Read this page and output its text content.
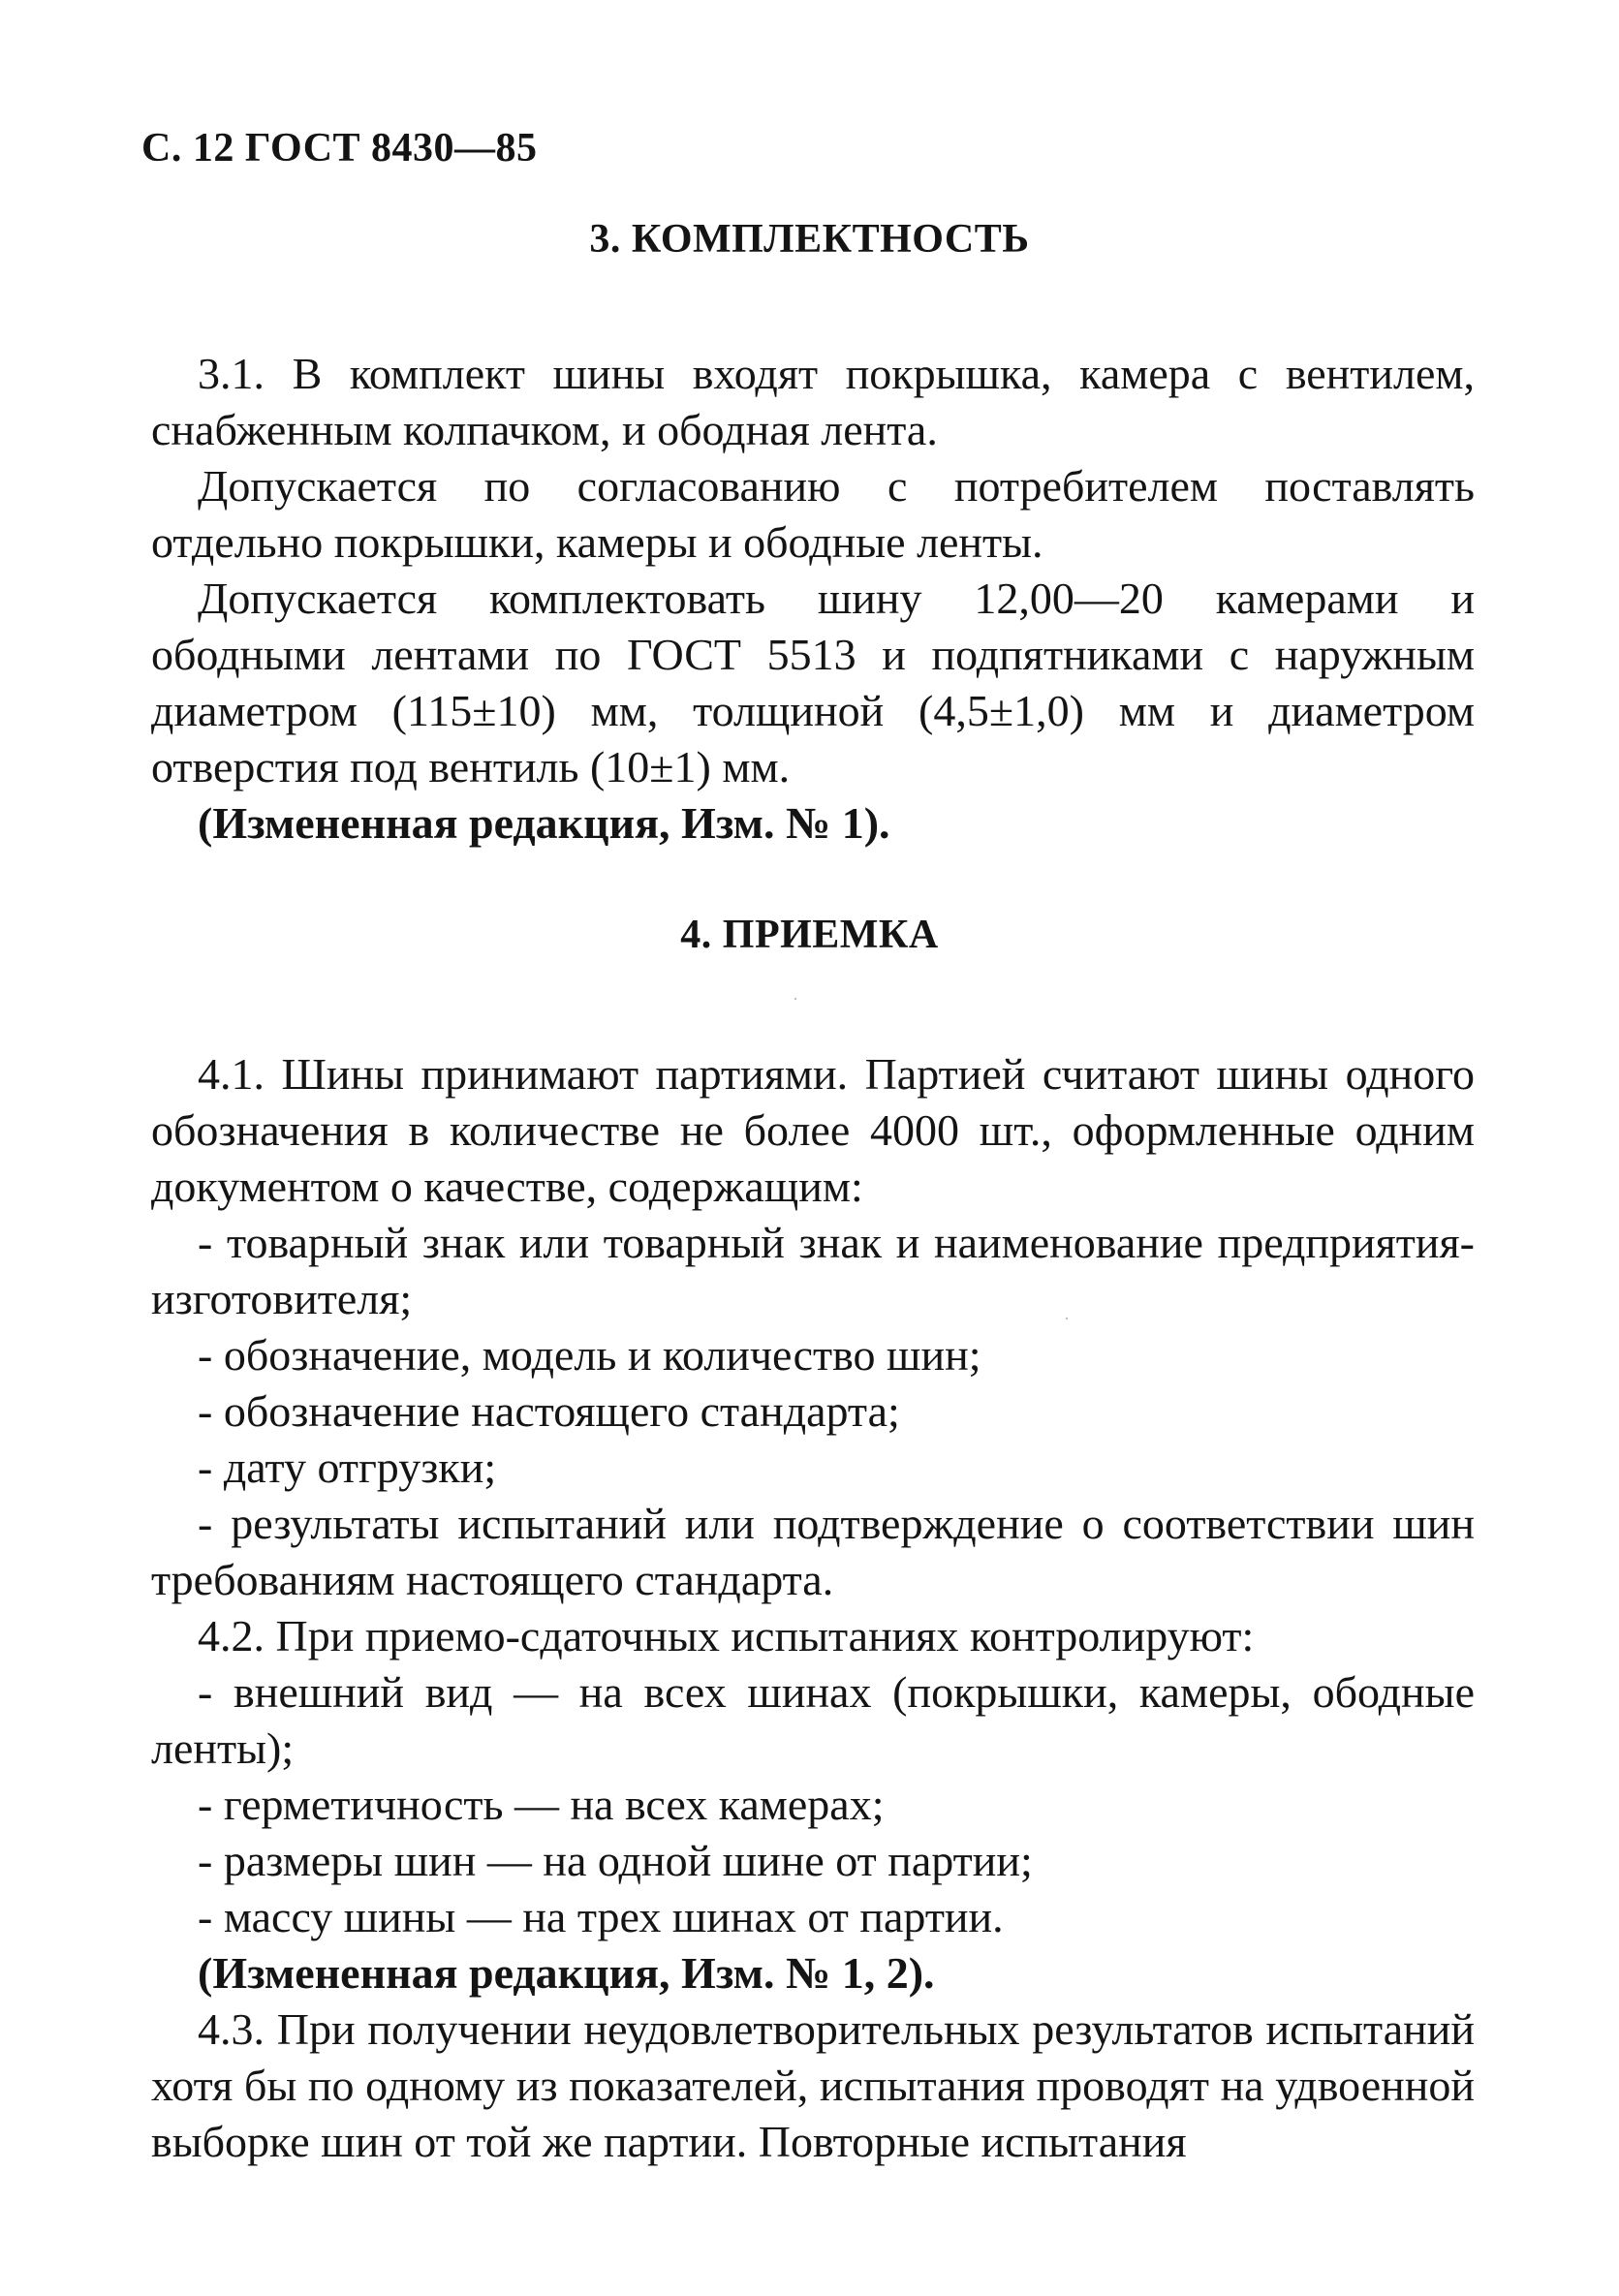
С. 12 ГОСТ 8430—85
3. КОМПЛЕКТНОСТЬ

3.1. В комплект шины входят покрышка, камера с вентилем, снабженным колпачком, и ободная лента.

Допускается по согласованию с потребителем поставлять отдельно покрышки, камеры и ободные ленты.

Допускается комплектовать шину 12,00—20 камерами и ободными лентами по ГОСТ 5513 и подпятниками с наружным диаметром (115±10) мм, толщиной (4,5±1,0) мм и диаметром отверстия под вентиль (10±1) мм.

(Измененная редакция, Изм. № 1).

4. ПРИЕМКА

4.1. Шины принимают партиями. Партией считают шины одного обозначения в количестве не более 4000 шт., оформленные одним документом о качестве, содержащим:

- товарный знак или товарный знак и наименование предприятия-изготовителя;

- обозначение, модель и количество шин;

- обозначение настоящего стандарта;

- дату отгрузки;

- результаты испытаний или подтверждение о соответствии шин требованиям настоящего стандарта.

4.2. При приемо-сдаточных испытаниях контролируют:

- внешний вид — на всех шинах (покрышки, камеры, ободные ленты);

- герметичность — на всех камерах;

- размеры шин — на одной шине от партии;

- массу шины — на трех шинах от партии.

(Измененная редакция, Изм. № 1, 2).

4.3. При получении неудовлетворительных результатов испытаний хотя бы по одному из показателей, испытания проводят на удвоенной выборке шин от той же партии. Повторные испытания
